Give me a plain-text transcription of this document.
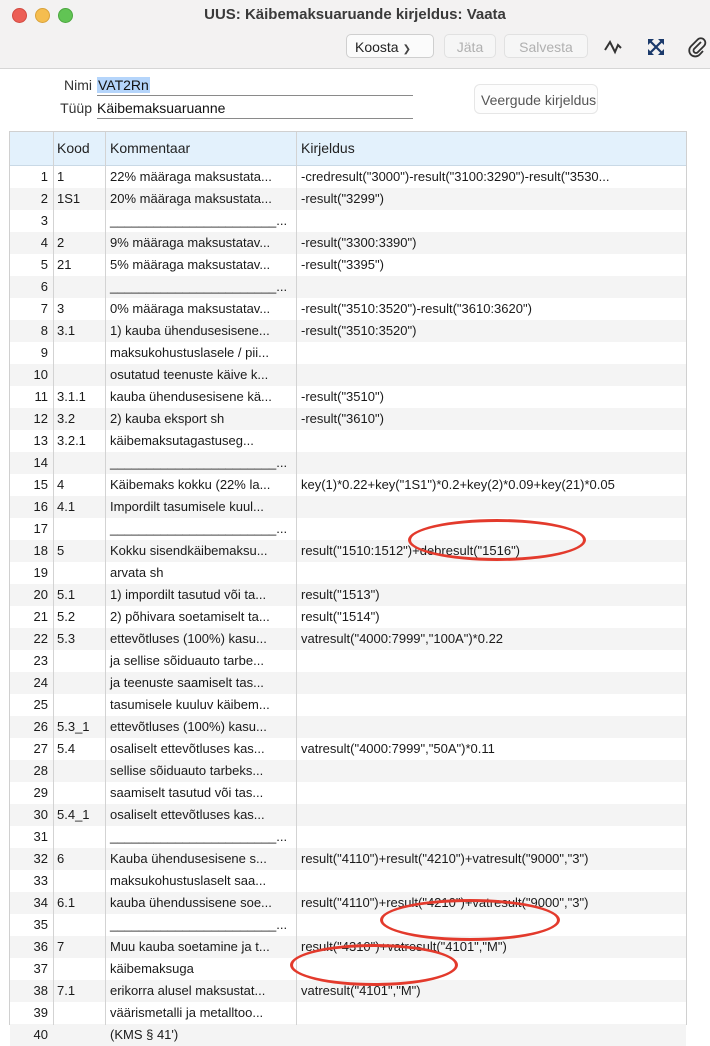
UUS: Käibemaksuaruande kirjeldus: Vaata
Koosta ❯	Jäta	Salvesta
Nimi VAT2Rn
Tüüp Käibemaksuaruanne	Veergude kirjeldus
Kood	Kommentaar	Kirjeldus
1 1	22% määraga maksustata...	-credresult("3000")-result("3100:3290")-result("3530...
2 1S1	20% määraga maksustata...	-result("3299")
3	_______________________...
4 2	9% määraga maksustatav...	-result("3300:3390")
5 21	5% määraga maksustatav...	-result("3395")
6	_______________________...
7 3	0% määraga maksustatav...	-result("3510:3520")-result("3610:3620")
8 3.1	1) kauba ühendusesisene...	-result("3510:3520")
9	maksukohustuslasele / pii...
10	osutatud teenuste käive k...
11 3.1.1	kauba ühendusesisene kä...	-result("3510")
12 3.2	2) kauba eksport sh	-result("3610")
13 3.2.1	käibemaksutagastuseg...
14	_______________________...
15 4	Käibemaks kokku (22% la...	key(1)*0.22+key("1S1")*0.2+key(2)*0.09+key(21)*0.05
16 4.1	Impordilt tasumisele kuul...
17	_______________________...
18 5	Kokku sisendkäibemaksu...	result("1510:1512")+debresult("1516")
19	arvata sh
20 5.1	1) impordilt tasutud või ta...	result("1513")
21 5.2	2) põhivara soetamiselt ta...	result("1514")
22 5.3	ettevõtluses (100%) kasu...	vatresult("4000:7999","100A")*0.22
23	ja sellise sõiduauto tarbe...
24	ja teenuste saamiselt tas...
25	tasumisele kuuluv käibem...
26 5.3_1	ettevõtluses (100%) kasu...
27 5.4	osaliselt ettevõtluses kas...	vatresult("4000:7999","50A")*0.11
28	sellise sõiduauto tarbeks...
29	saamiselt tasutud või tas...
30 5.4_1	osaliselt ettevõtluses kas...
31	_______________________...
32 6	Kauba ühendusesisene s...	result("4110")+result("4210")+vatresult("9000","3")
33	maksukohustuslaselt saa...
34 6.1	kauba ühendussisene soe...	result("4110")+result("4210")+vatresult("9000","3")
35	_______________________...
36 7	Muu kauba soetamine ja t...	result("4310")+vatresult("4101","M")
37	käibemaksuga
38 7.1	erikorra alusel maksustat...	vatresult("4101","M")
39	väärismetalli ja metalltoo...
40	(KMS § 41')
